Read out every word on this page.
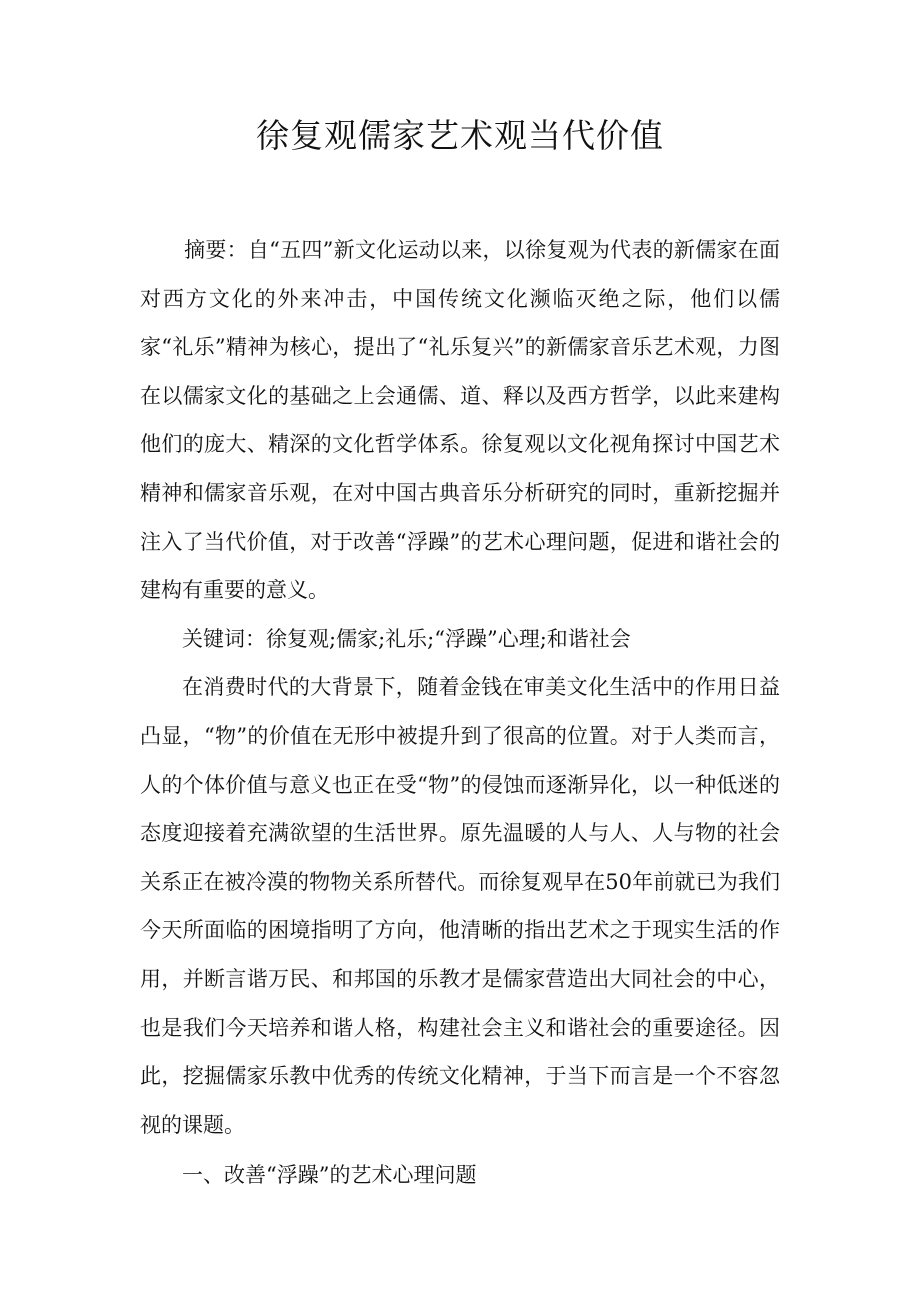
徐复观儒家艺术观当代价值

摘要：自“五四”新文化运动以来，以徐复观为代表的新儒家在面对西方文化的外来冲击，中国传统文化濒临灭绝之际，他们以儒家“礼乐”精神为核心，提出了“礼乐复兴”的新儒家音乐艺术观，力图在以儒家文化的基础之上会通儒、道、释以及西方哲学，以此来建构他们的庞大、精深的文化哲学体系。徐复观以文化视角探讨中国艺术精神和儒家音乐观，在对中国古典音乐分析研究的同时，重新挖掘并注入了当代价值，对于改善“浮躁”的艺术心理问题，促进和谐社会的建构有重要的意义。

关键词：徐复观;儒家;礼乐;“浮躁”心理;和谐社会

在消费时代的大背景下，随着金钱在审美文化生活中的作用日益凸显，“物”的价值在无形中被提升到了很高的位置。对于人类而言，人的个体价值与意义也正在受“物”的侵蚀而逐渐异化，以一种低迷的态度迎接着充满欲望的生活世界。原先温暖的人与人、人与物的社会关系正在被冷漠的物物关系所替代。而徐复观早在50年前就已为我们今天所面临的困境指明了方向，他清晰的指出艺术之于现实生活的作用，并断言谐万民、和邦国的乐教才是儒家营造出大同社会的中心，也是我们今天培养和谐人格，构建社会主义和谐社会的重要途径。因此，挖掘儒家乐教中优秀的传统文化精神，于当下而言是一个不容忽视的课题。

一、改善“浮躁”的艺术心理问题
